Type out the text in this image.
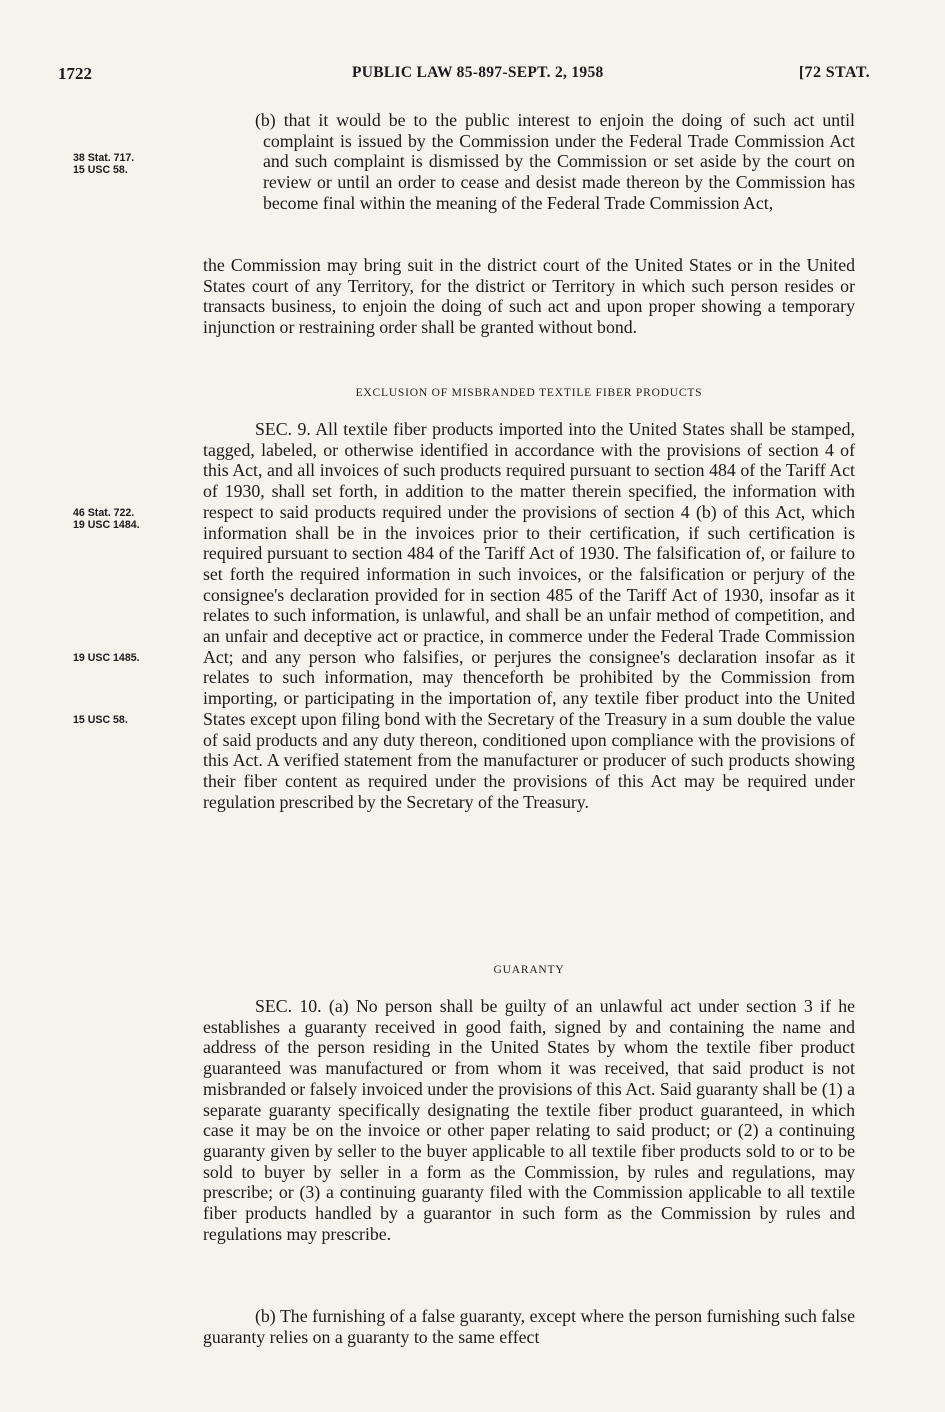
1722	PUBLIC LAW 85-897-SEPT. 2, 1958	[72 STAT.
38 Stat. 717.
15 USC 58.
46 Stat. 722.
19 USC 1484.
19 USC 1485.
15 USC 58.

(b) that it would be to the public interest to enjoin the doing of such act until complaint is issued by the Commission under the Federal Trade Commission Act and such complaint is dismissed by the Commission or set aside by the court on review or until an order to cease and desist made thereon by the Commission has become final within the meaning of the Federal Trade Commission Act,

the Commission may bring suit in the district court of the United States or in the United States court of any Territory, for the district or Territory in which such person resides or transacts business, to enjoin the doing of such act and upon proper showing a temporary injunction or restraining order shall be granted without bond.

EXCLUSION OF MISBRANDED TEXTILE FIBER PRODUCTS

SEC. 9. All textile fiber products imported into the United States shall be stamped, tagged, labeled, or otherwise identified in accordance with the provisions of section 4 of this Act, and all invoices of such products required pursuant to section 484 of the Tariff Act of 1930, shall set forth, in addition to the matter therein specified, the information with respect to said products required under the provisions of section 4 (b) of this Act, which information shall be in the invoices prior to their certification, if such certification is required pursuant to section 484 of the Tariff Act of 1930. The falsification of, or failure to set forth the required information in such invoices, or the falsification or perjury of the consignee's declaration provided for in section 485 of the Tariff Act of 1930, insofar as it relates to such information, is unlawful, and shall be an unfair method of competition, and an unfair and deceptive act or practice, in commerce under the Federal Trade Commission Act; and any person who falsifies, or perjures the consignee's declaration insofar as it relates to such information, may thenceforth be prohibited by the Commission from importing, or participating in the importation of, any textile fiber product into the United States except upon filing bond with the Secretary of the Treasury in a sum double the value of said products and any duty thereon, conditioned upon compliance with the provisions of this Act. A verified statement from the manufacturer or producer of such products showing their fiber content as required under the provisions of this Act may be required under regulation prescribed by the Secretary of the Treasury.

GUARANTY

SEC. 10. (a) No person shall be guilty of an unlawful act under section 3 if he establishes a guaranty received in good faith, signed by and containing the name and address of the person residing in the United States by whom the textile fiber product guaranteed was manufactured or from whom it was received, that said product is not misbranded or falsely invoiced under the provisions of this Act. Said guaranty shall be (1) a separate guaranty specifically designating the textile fiber product guaranteed, in which case it may be on the invoice or other paper relating to said product; or (2) a continuing guaranty given by seller to the buyer applicable to all textile fiber products sold to or to be sold to buyer by seller in a form as the Commission, by rules and regulations, may prescribe; or (3) a continuing guaranty filed with the Commission applicable to all textile fiber products handled by a guarantor in such form as the Commission by rules and regulations may prescribe.

(b) The furnishing of a false guaranty, except where the person furnishing such false guaranty relies on a guaranty to the same effect
